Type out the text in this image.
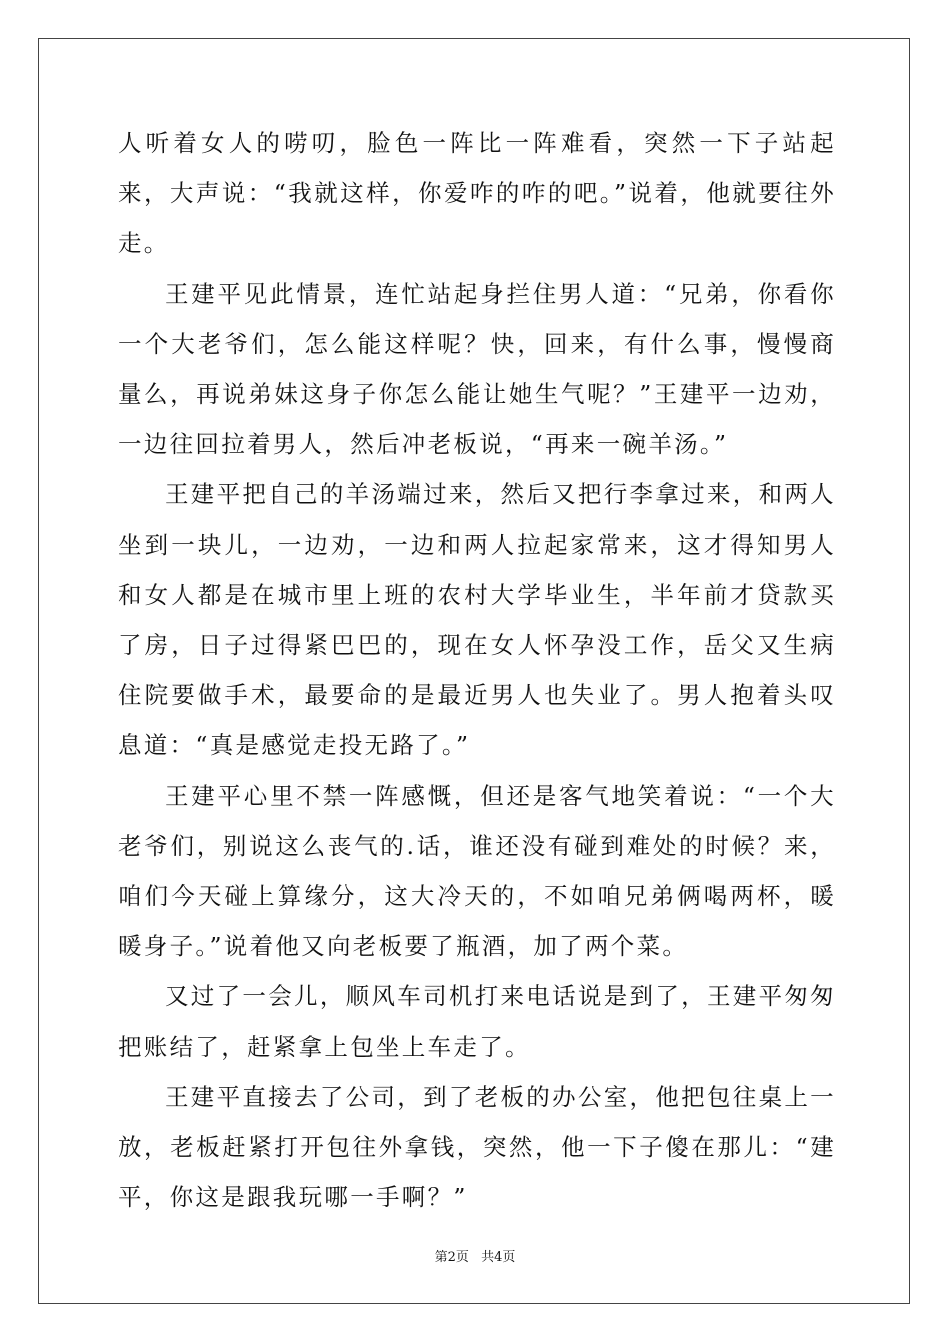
人听着女人的唠叨，脸色一阵比一阵难看，突然一下子站起来，大声说：“我就这样，你爱咋的咋的吧。”说着，他就要往外走。

王建平见此情景，连忙站起身拦住男人道：“兄弟，你看你一个大老爷们，怎么能这样呢？快，回来，有什么事，慢慢商量么，再说弟妹这身子你怎么能让她生气呢？”王建平一边劝，一边往回拉着男人，然后冲老板说，“再来一碗羊汤。”

王建平把自己的羊汤端过来，然后又把行李拿过来，和两人坐到一块儿，一边劝，一边和两人拉起家常来，这才得知男人和女人都是在城市里上班的农村大学毕业生，半年前才贷款买了房，日子过得紧巴巴的，现在女人怀孕没工作，岳父又生病住院要做手术，最要命的是最近男人也失业了。男人抱着头叹息道：“真是感觉走投无路了。”

王建平心里不禁一阵感慨，但还是客气地笑着说：“一个大老爷们，别说这么丧气的.话，谁还没有碰到难处的时候？来，咱们今天碰上算缘分，这大冷天的，不如咱兄弟俩喝两杯，暖暖身子。”说着他又向老板要了瓶酒，加了两个菜。

又过了一会儿，顺风车司机打来电话说是到了，王建平匆匆把账结了，赶紧拿上包坐上车走了。

王建平直接去了公司，到了老板的办公室，他把包往桌上一放，老板赶紧打开包往外拿钱，突然，他一下子傻在那儿：“建平，你这是跟我玩哪一手啊？”

第2页 共4页
